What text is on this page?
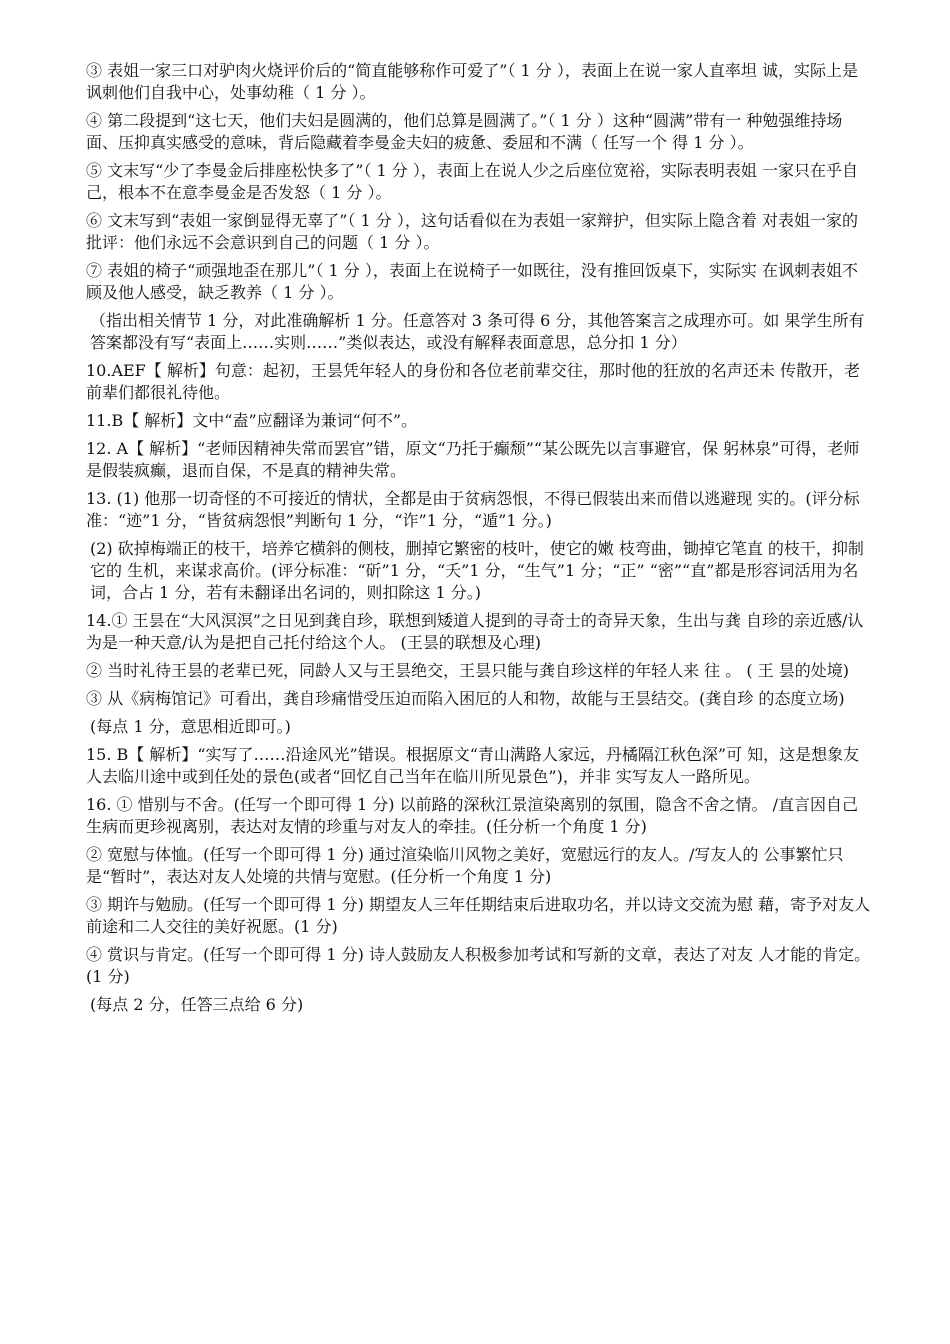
③ 表姐一家三口对驴肉火烧评价后的“简直能够称作可爱了”（ 1 分 ），表面上在说一家人直率坦 诚，实际上是讽刺他们自我中心，处事幼稚（ 1 分 ）。

④ 第二段提到“这七天，他们夫妇是圆满的，他们总算是圆满了。”（ 1 分 ）这种“圆满”带有一 种勉强维持场面、压抑真实感受的意味，背后隐藏着李曼金夫妇的疲惫、委屈和不满（ 任写一个 得 1 分 ）。

⑤ 文末写“少了李曼金后排座松快多了”（ 1 分 ），表面上在说人少之后座位宽裕，实际表明表姐 一家只在乎自己，根本不在意李曼金是否发怒（ 1 分 ）。

⑥ 文末写到“表姐一家倒显得无辜了”（ 1 分 ），这句话看似在为表姐一家辩护，但实际上隐含着 对表姐一家的批评：他们永远不会意识到自己的问题（ 1 分 ）。

⑦ 表姐的椅子“顽强地歪在那儿”（ 1 分 ），表面上在说椅子一如既往，没有推回饭桌下，实际实 在讽刺表姐不顾及他人感受，缺乏教养（ 1 分 ）。

（指出相关情节 1 分，对此准确解析 1 分。任意答对 3 条可得 6 分，其他答案言之成理亦可。如 果学生所有答案都没有写“表面上……实则……”类似表达，或没有解释表面意思，总分扣 1 分）

10.AEF【 解析】句意：起初，王昙凭年轻人的身份和各位老前辈交往，那时他的狂放的名声还未 传散开，老前辈们都很礼待他。

11.B【 解析】文中“盍”应翻译为兼词“何不”。

12. A【 解析】“老师因精神失常而罢官”错，原文“乃托于癫颓”“某公既先以言事避官，保 躬林泉”可得，老师是假装疯癫，退而自保，不是真的精神失常。

13. (1) 他那一切奇怪的不可接近的情状，全都是由于贫病怨恨，不得已假装出来而借以逃避现 实的。(评分标准：“迹”1 分，“皆贫病怨恨”判断句 1 分，“诈”1 分，“遁”1 分。)

(2) 砍掉梅端正的枝干，培养它横斜的侧枝，删掉它繁密的枝叶，使它的嫩 枝弯曲，锄掉它笔直 的枝干，抑制它的 生机，来谋求高价。(评分标准：“斫”1 分，“夭”1 分，“生气”1 分；“正” “密”“直”都是形容词活用为名词，合占 1 分，若有未翻译出名词的，则扣除这 1 分。)

14.① 王昙在“大风溟溟”之日见到龚自珍，联想到矮道人提到的寻奇士的奇异天象，生出与龚 自珍的亲近感/认为是一种天意/认为是把自己托付给这个人。 (王昙的联想及心理)

② 当时礼待王昙的老辈已死，同龄人又与王昙绝交，王昙只能与龚自珍这样的年轻人来 往 。 ( 王 昙的处境)

③ 从《病梅馆记》可看出，龚自珍痛惜受压迫而陷入困厄的人和物，故能与王昙结交。(龚自珍 的态度立场)

(每点 1 分，意思相近即可。)

15. B【 解析】“实写了……沿途风光”错误。根据原文“青山满路人家远，丹橘隔江秋色深”可 知，这是想象友人去临川途中或到任处的景色(或者“回忆自己当年在临川所见景色”)，并非 实写友人一路所见。

16. ① 惜别与不舍。(任写一个即可得 1 分) 以前路的深秋江景渲染离别的氛围，隐含不舍之情。 /直言因自己生病而更珍视离别，表达对友情的珍重与对友人的牵挂。(任分析一个角度 1 分)

② 宽慰与体恤。(任写一个即可得 1 分) 通过渲染临川风物之美好，宽慰远行的友人。/写友人的 公事繁忙只是“暂时”，表达对友人处境的共情与宽慰。(任分析一个角度 1 分)

③ 期许与勉励。(任写一个即可得 1 分) 期望友人三年任期结束后进取功名，并以诗文交流为慰 藉，寄予对友人前途和二人交往的美好祝愿。(1 分)

④ 赏识与肯定。(任写一个即可得 1 分) 诗人鼓励友人积极参加考试和写新的文章，表达了对友 人才能的肯定。(1 分)

(每点 2 分，任答三点给 6 分)
